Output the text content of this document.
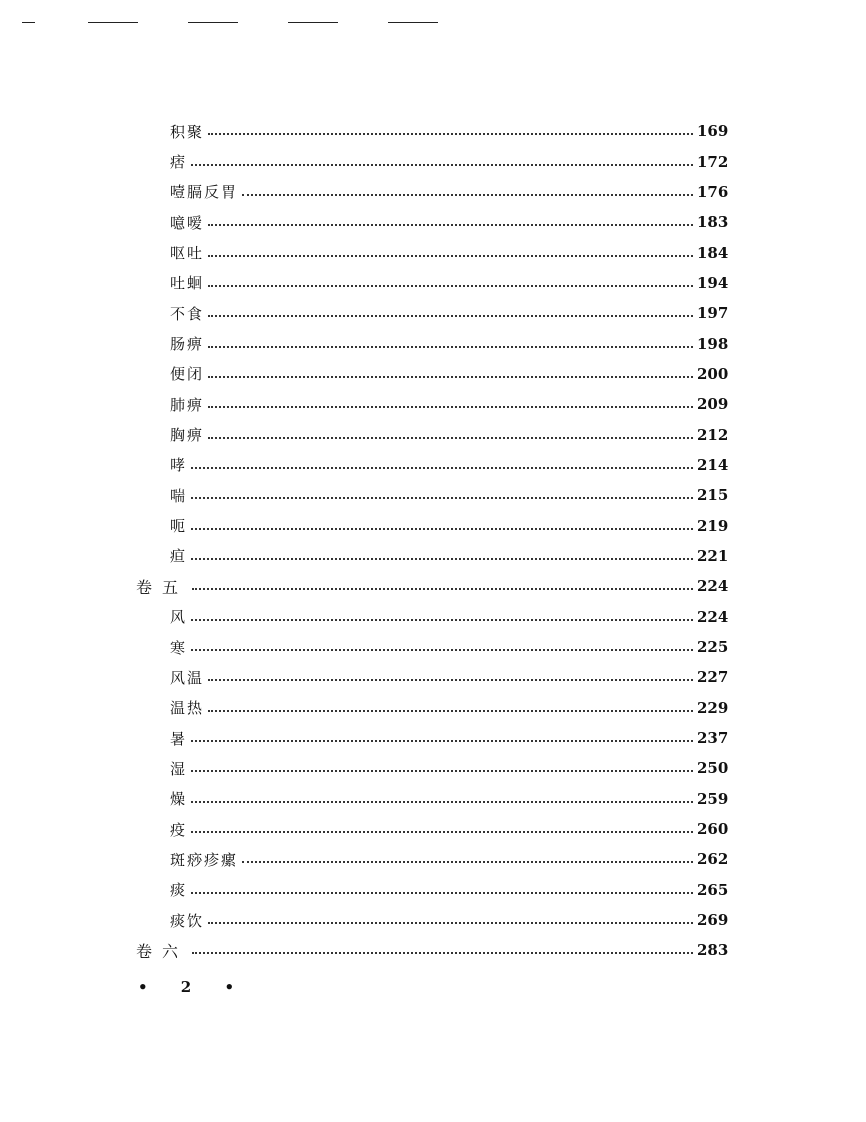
积聚	169
痞	172
噎膈反胃	176
噫嗳	183
呕吐	184
吐蛔	194
不食	197
肠痹	198
便闭	200
肺痹	209
胸痹	212
哮	214
喘	215
呃	219
疸	221
卷五	224
风	224
寒	225
风温	227
温热	229
暑	237
湿	250
燥	259
疫	260
斑痧疹瘰	262
痰	265
痰饮	269
卷六	283
• 2 •
